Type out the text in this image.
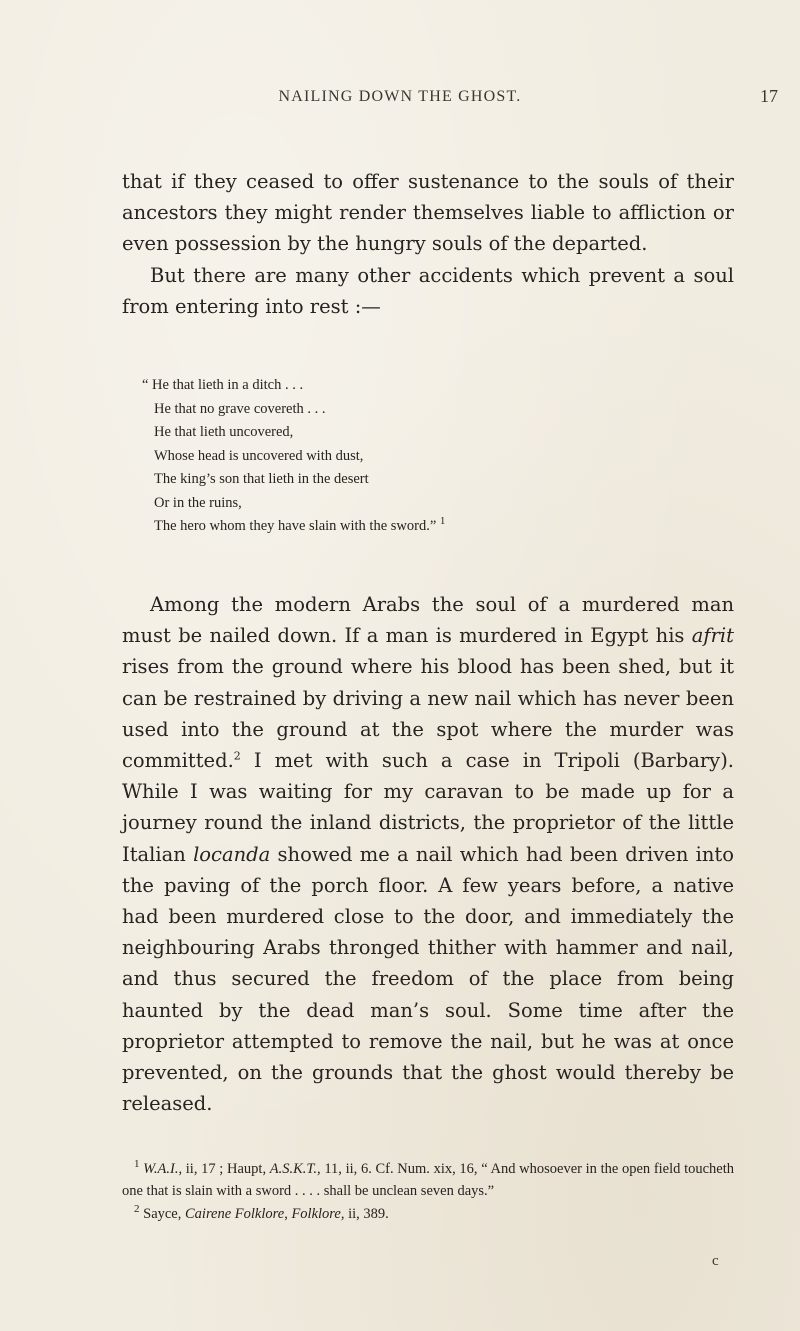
NAILING DOWN THE GHOST.	17
that if they ceased to offer sustenance to the souls of their ancestors they might render themselves liable to affliction or even possession by the hungry souls of the departed.
But there are many other accidents which prevent a soul from entering into rest :—
“ He that lieth in a ditch . . .
He that no grave covereth . . .
He that lieth uncovered,
Whose head is uncovered with dust,
The king’s son that lieth in the desert
Or in the ruins,
The hero whom they have slain with the sword.” $^1$
Among the modern Arabs the soul of a murdered man must be nailed down. If a man is murdered in Egypt his afrit rises from the ground where his blood has been shed, but it can be restrained by driving a new nail which has never been used into the ground at the spot where the murder was committed.$^2$ I met with such a case in Tripoli (Barbary). While I was waiting for my caravan to be made up for a journey round the inland districts, the proprietor of the little Italian locanda showed me a nail which had been driven into the paving of the porch floor. A few years before, a native had been murdered close to the door, and immediately the neighbouring Arabs thronged thither with hammer and nail, and thus secured the freedom of the place from being haunted by the dead man’s soul. Some time after the proprietor attempted to remove the nail, but he was at once prevented, on the grounds that the ghost would thereby be released.
$^1$ W.A.I., ii, 17 ; Haupt, A.S.K.T., 11, ii, 6. Cf. Num. xix, 16, “ And whosoever in the open field toucheth one that is slain with a sword . . . . shall be unclean seven days.”
$^2$ Sayce, Cairene Folklore, Folklore, ii, 389.
c
